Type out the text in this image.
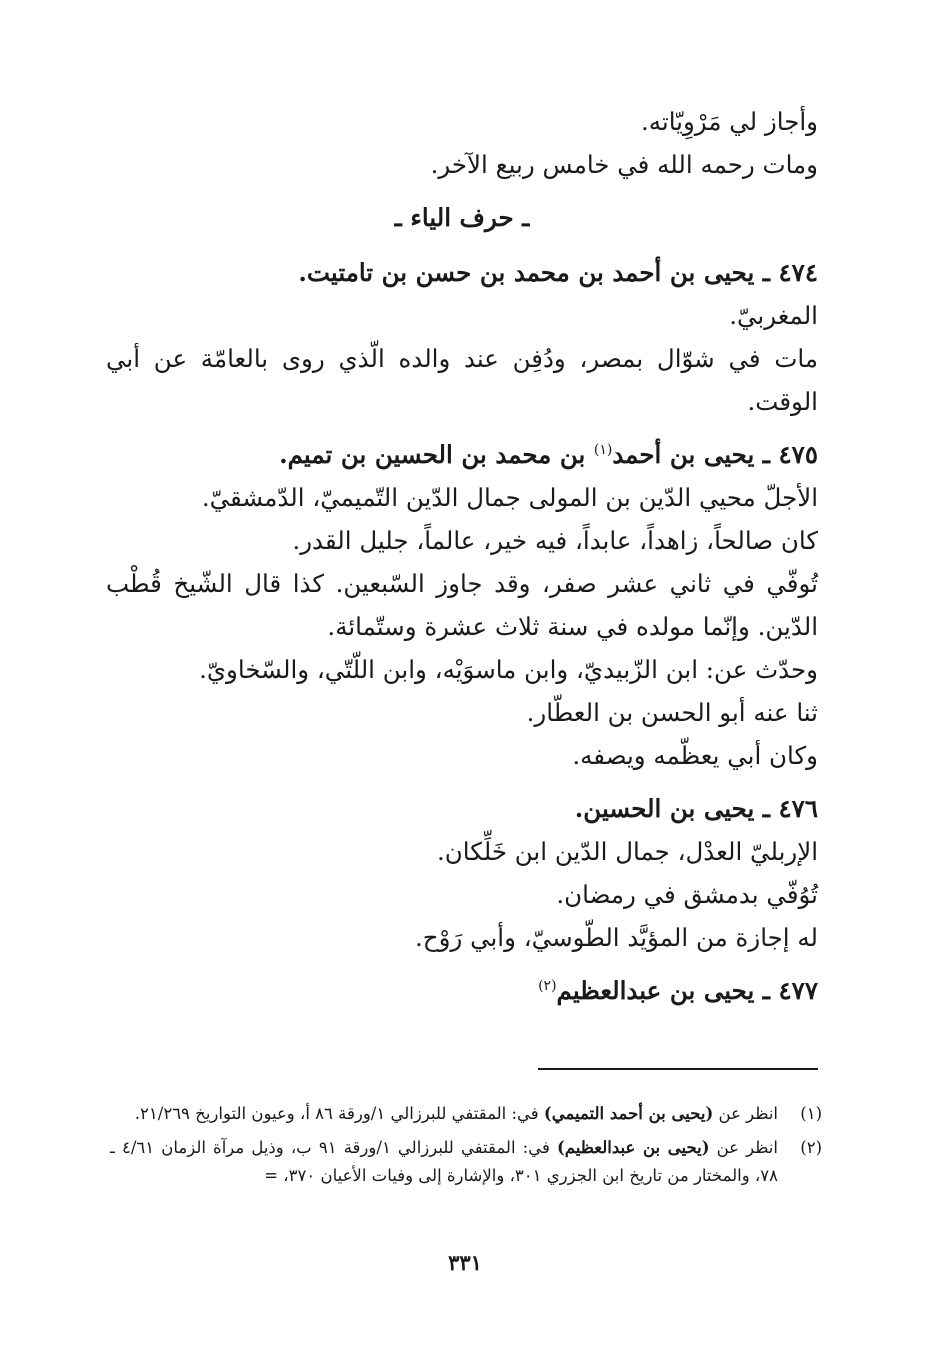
وأجاز لي مَرْوِيّاته.

ومات رحمه الله في خامس ربيع الآخر.

ـ حرف الياء ـ

٤٧٤ ـ يحيى بن أحمد بن محمد بن حسن بن تامتيت.

المغربيّ.

مات في شوّال بمصر، ودُفِن عند والده الّذي روى بالعامّة عن أبي الوقت.

٤٧٥ ـ يحيى بن أحمد$^{(١)}$ بن محمد بن الحسين بن تميم.

الأجلّ محيي الدّين بن المولى جمال الدّين التّميميّ، الدّمشقيّ.

كان صالحاً، زاهداً، عابداً، فيه خير، عالماً، جليل القدر.

تُوفّي في ثاني عشر صفر، وقد جاوز السّبعين. كذا قال الشّيخ قُطْب الدّين. وإنّما مولده في سنة ثلاث عشرة وستّمائة.

وحدّث عن: ابن الزّبيديّ، وابن ماسوَيْه، وابن اللّتّي، والسّخاويّ.

ثنا عنه أبو الحسن بن العطّار.

وكان أبي يعظّمه ويصفه.

٤٧٦ ـ يحيى بن الحسين.

الإربليّ العدْل، جمال الدّين ابن خَلِّكان.

تُوُفّي بدمشق في رمضان.

له إجازة من المؤيَّد الطّوسيّ، وأبي رَوْح.

٤٧٧ ـ يحيى بن عبدالعظيم$^{(٢)}$

(١)
انظر عن (يحيى بن أحمد التميمي) في: المقتفي للبرزالي ١/ورقة ٨٦ أ، وعيون التواريخ ٢١/٢٦٩.
(٢)
انظر عن (يحيى بن عبدالعظيم) في: المقتفي للبرزالي ١/ورقة ٩١ ب، وذيل مرآة الزمان ٤/٦١ ـ ٧٨، والمختار من تاريخ ابن الجزري ٣٠١، والإشارة إلى وفيات الأعيان ٣٧٠، =
٣٣١
